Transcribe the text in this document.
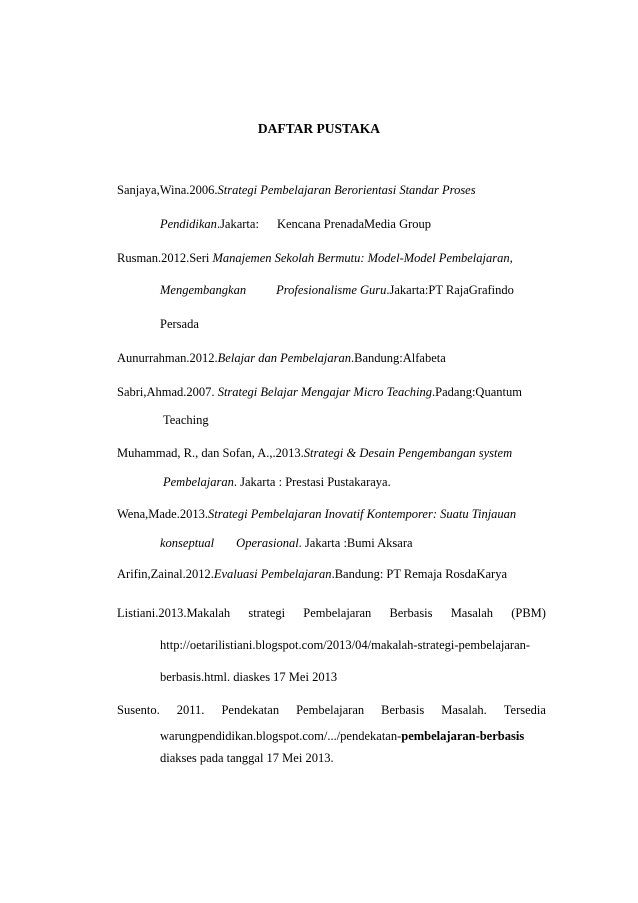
DAFTAR PUSTAKA
Sanjaya,Wina.2006.Strategi Pembelajaran Berorientasi Standar Proses
Pendidikan.Jakarta: Kencana PrenadaMedia Group
Rusman.2012.Seri Manajemen Sekolah Bermutu: Model-Model Pembelajaran,
Mengembangkan Profesionalisme Guru.Jakarta:PT RajaGrafindo
Persada
Aunurrahman.2012.Belajar dan Pembelajaran.Bandung:Alfabeta
Sabri,Ahmad.2007. Strategi Belajar Mengajar Micro Teaching.Padang:Quantum
Teaching
Muhammad, R., dan Sofan, A.,.2013.Strategi & Desain Pengembangan system
Pembelajaran. Jakarta : Prestasi Pustakaraya.
Wena,Made.2013.Strategi Pembelajaran Inovatif Kontemporer: Suatu Tinjauan
konseptual Operasional. Jakarta :Bumi Aksara
Arifin,Zainal.2012.Evaluasi Pembelajaran.Bandung: PT Remaja RosdaKarya
Listiani.2013.Makalah strategi Pembelajaran Berbasis Masalah (PBM)
http://oetarilistiani.blogspot.com/2013/04/makalah-strategi-pembelajaran-
berbasis.html. diaskes 17 Mei 2013
Susento. 2011. Pendekatan Pembelajaran Berbasis Masalah. Tersedia
warungpendidikan.blogspot.com/.../pendekatan-pembelajaran-berbasis
diakses pada tanggal 17 Mei 2013.
